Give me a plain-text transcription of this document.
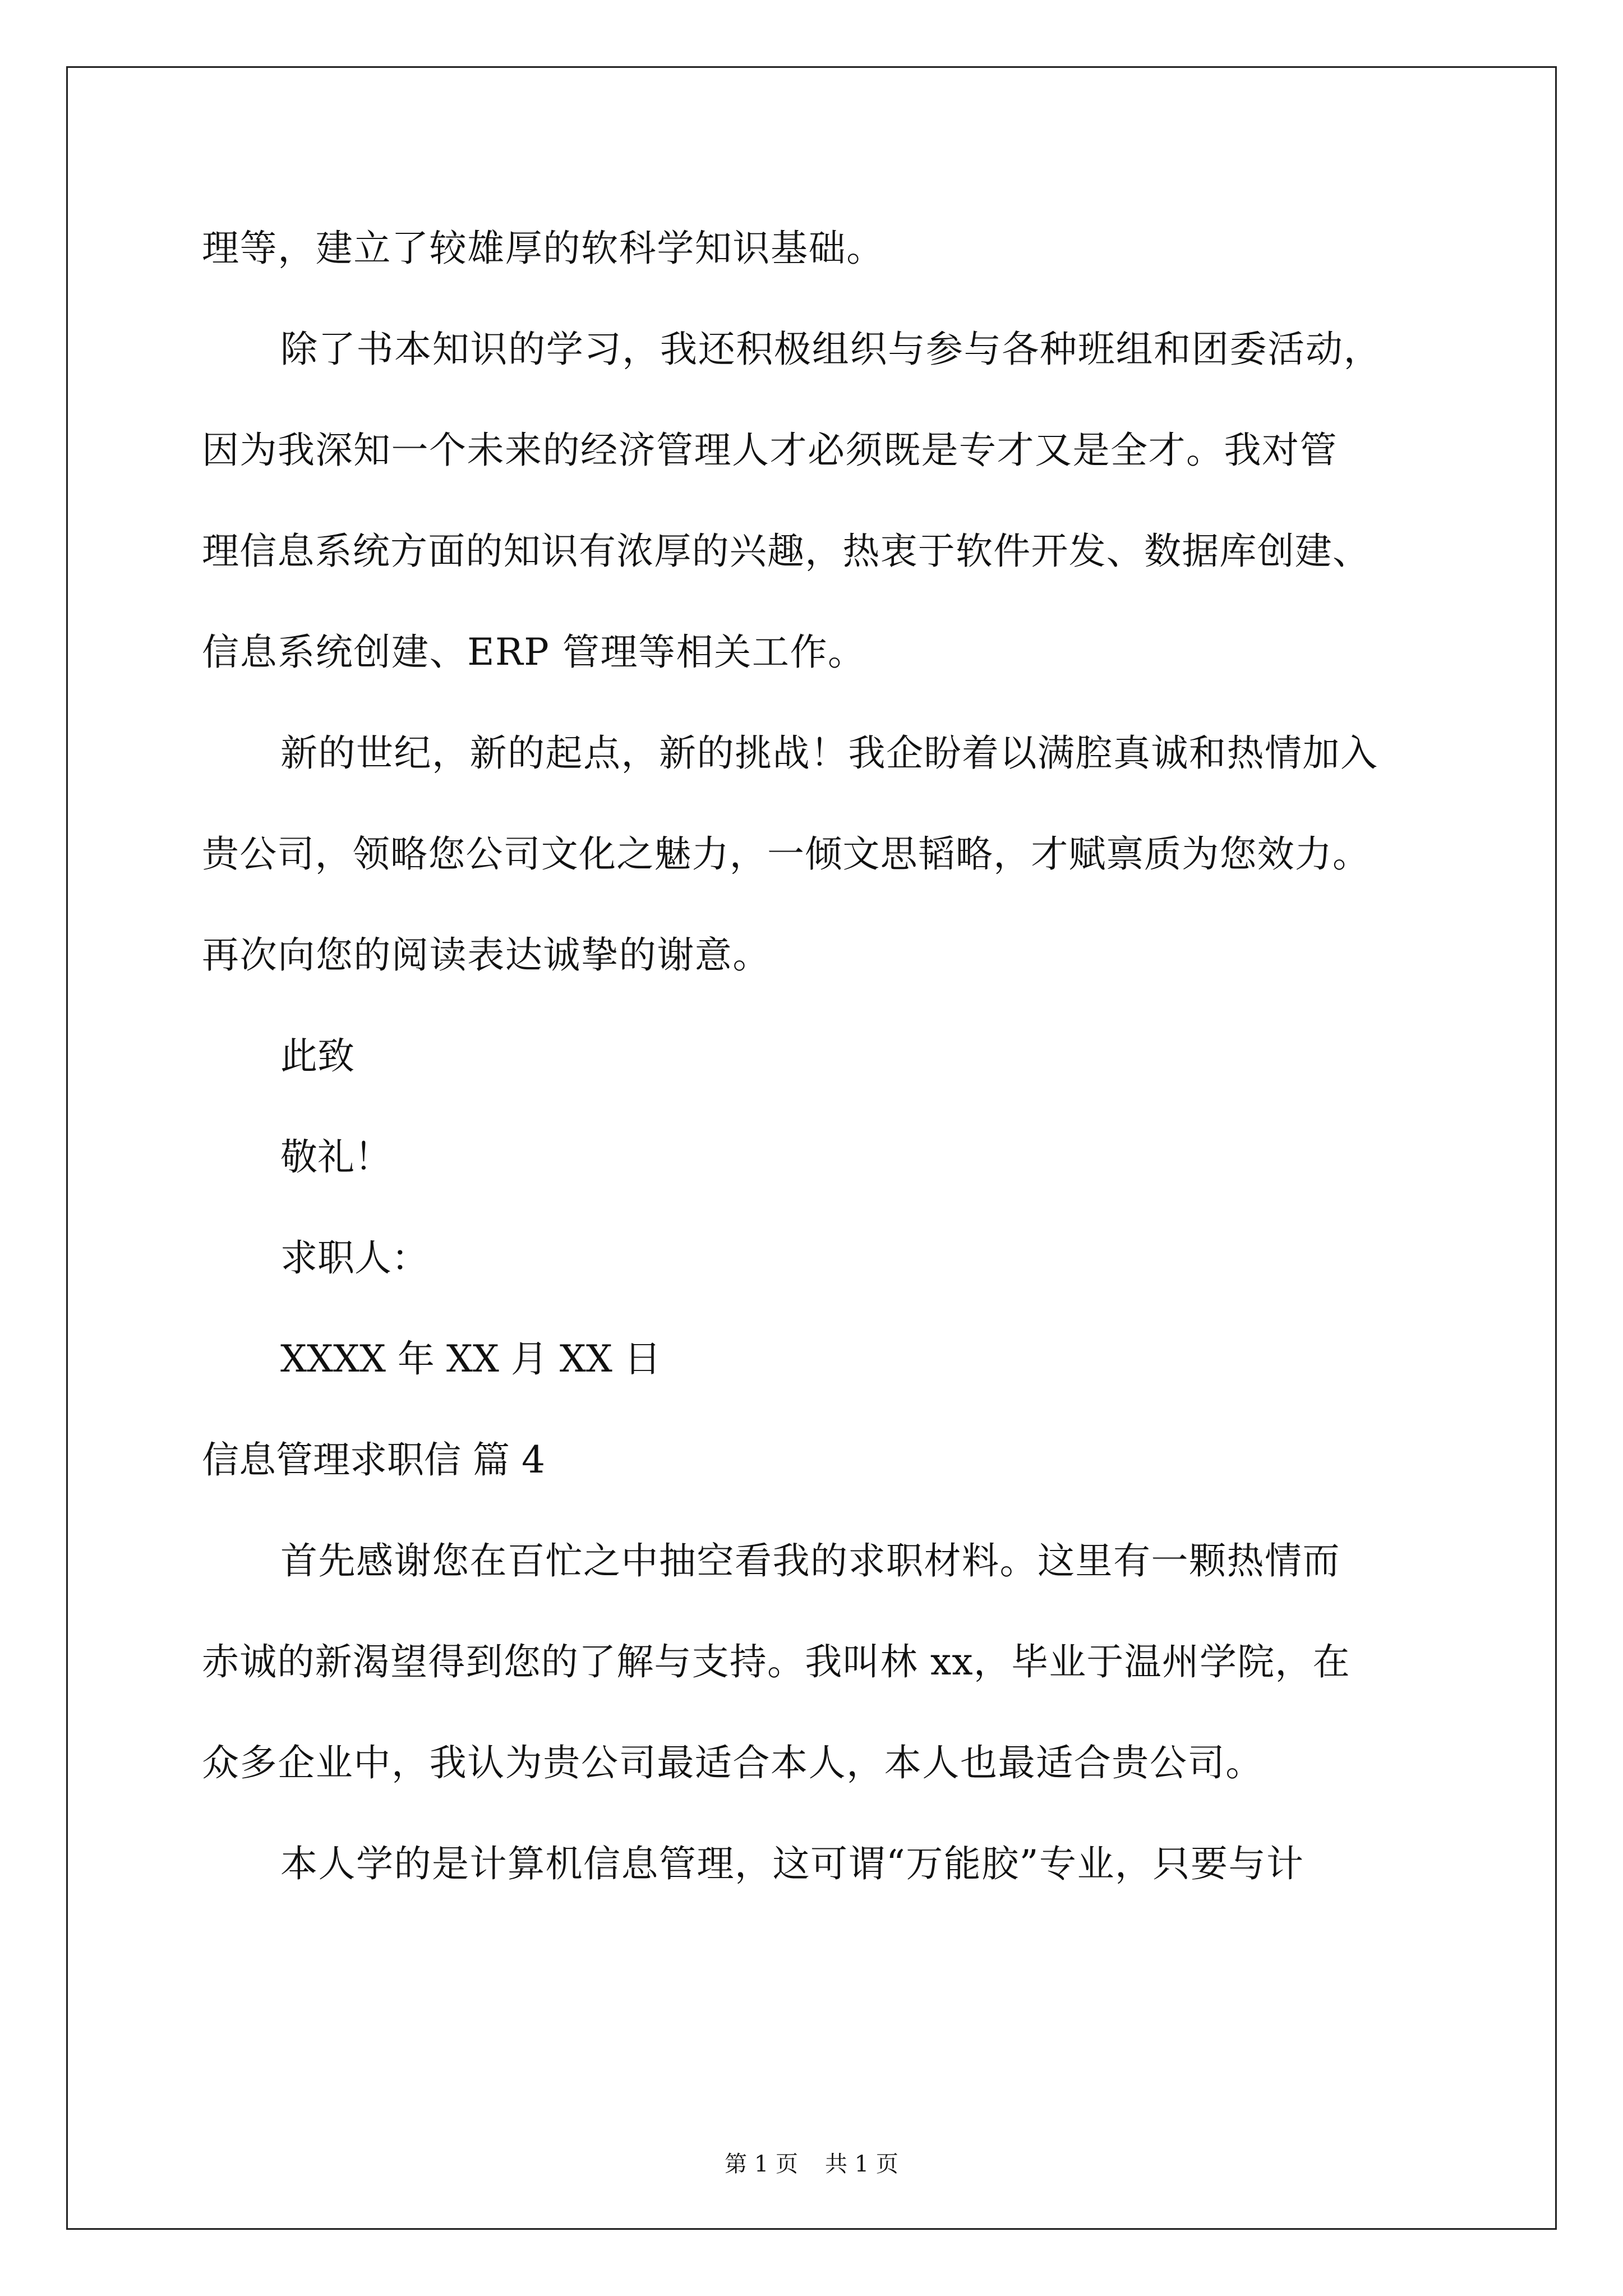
理等，建立了较雄厚的软科学知识基础。
除了书本知识的学习，我还积极组织与参与各种班组和团委活动，
因为我深知一个未来的经济管理人才必须既是专才又是全才。我对管
理信息系统方面的知识有浓厚的兴趣，热衷于软件开发、数据库创建、
信息系统创建、ERP 管理等相关工作。
新的世纪，新的起点，新的挑战！我企盼着以满腔真诚和热情加入
贵公司，领略您公司文化之魅力，一倾文思韬略，才赋禀质为您效力。
再次向您的阅读表达诚挚的谢意。
此致
敬礼！
求职人：
XXXX 年 XX 月 XX 日
信息管理求职信 篇 4
首先感谢您在百忙之中抽空看我的求职材料。这里有一颗热情而
赤诚的新渴望得到您的了解与支持。我叫林 xx，毕业于温州学院，在
众多企业中，我认为贵公司最适合本人，本人也最适合贵公司。
本人学的是计算机信息管理，这可谓“万能胶”专业，只要与计
第 1 页 共 1 页
